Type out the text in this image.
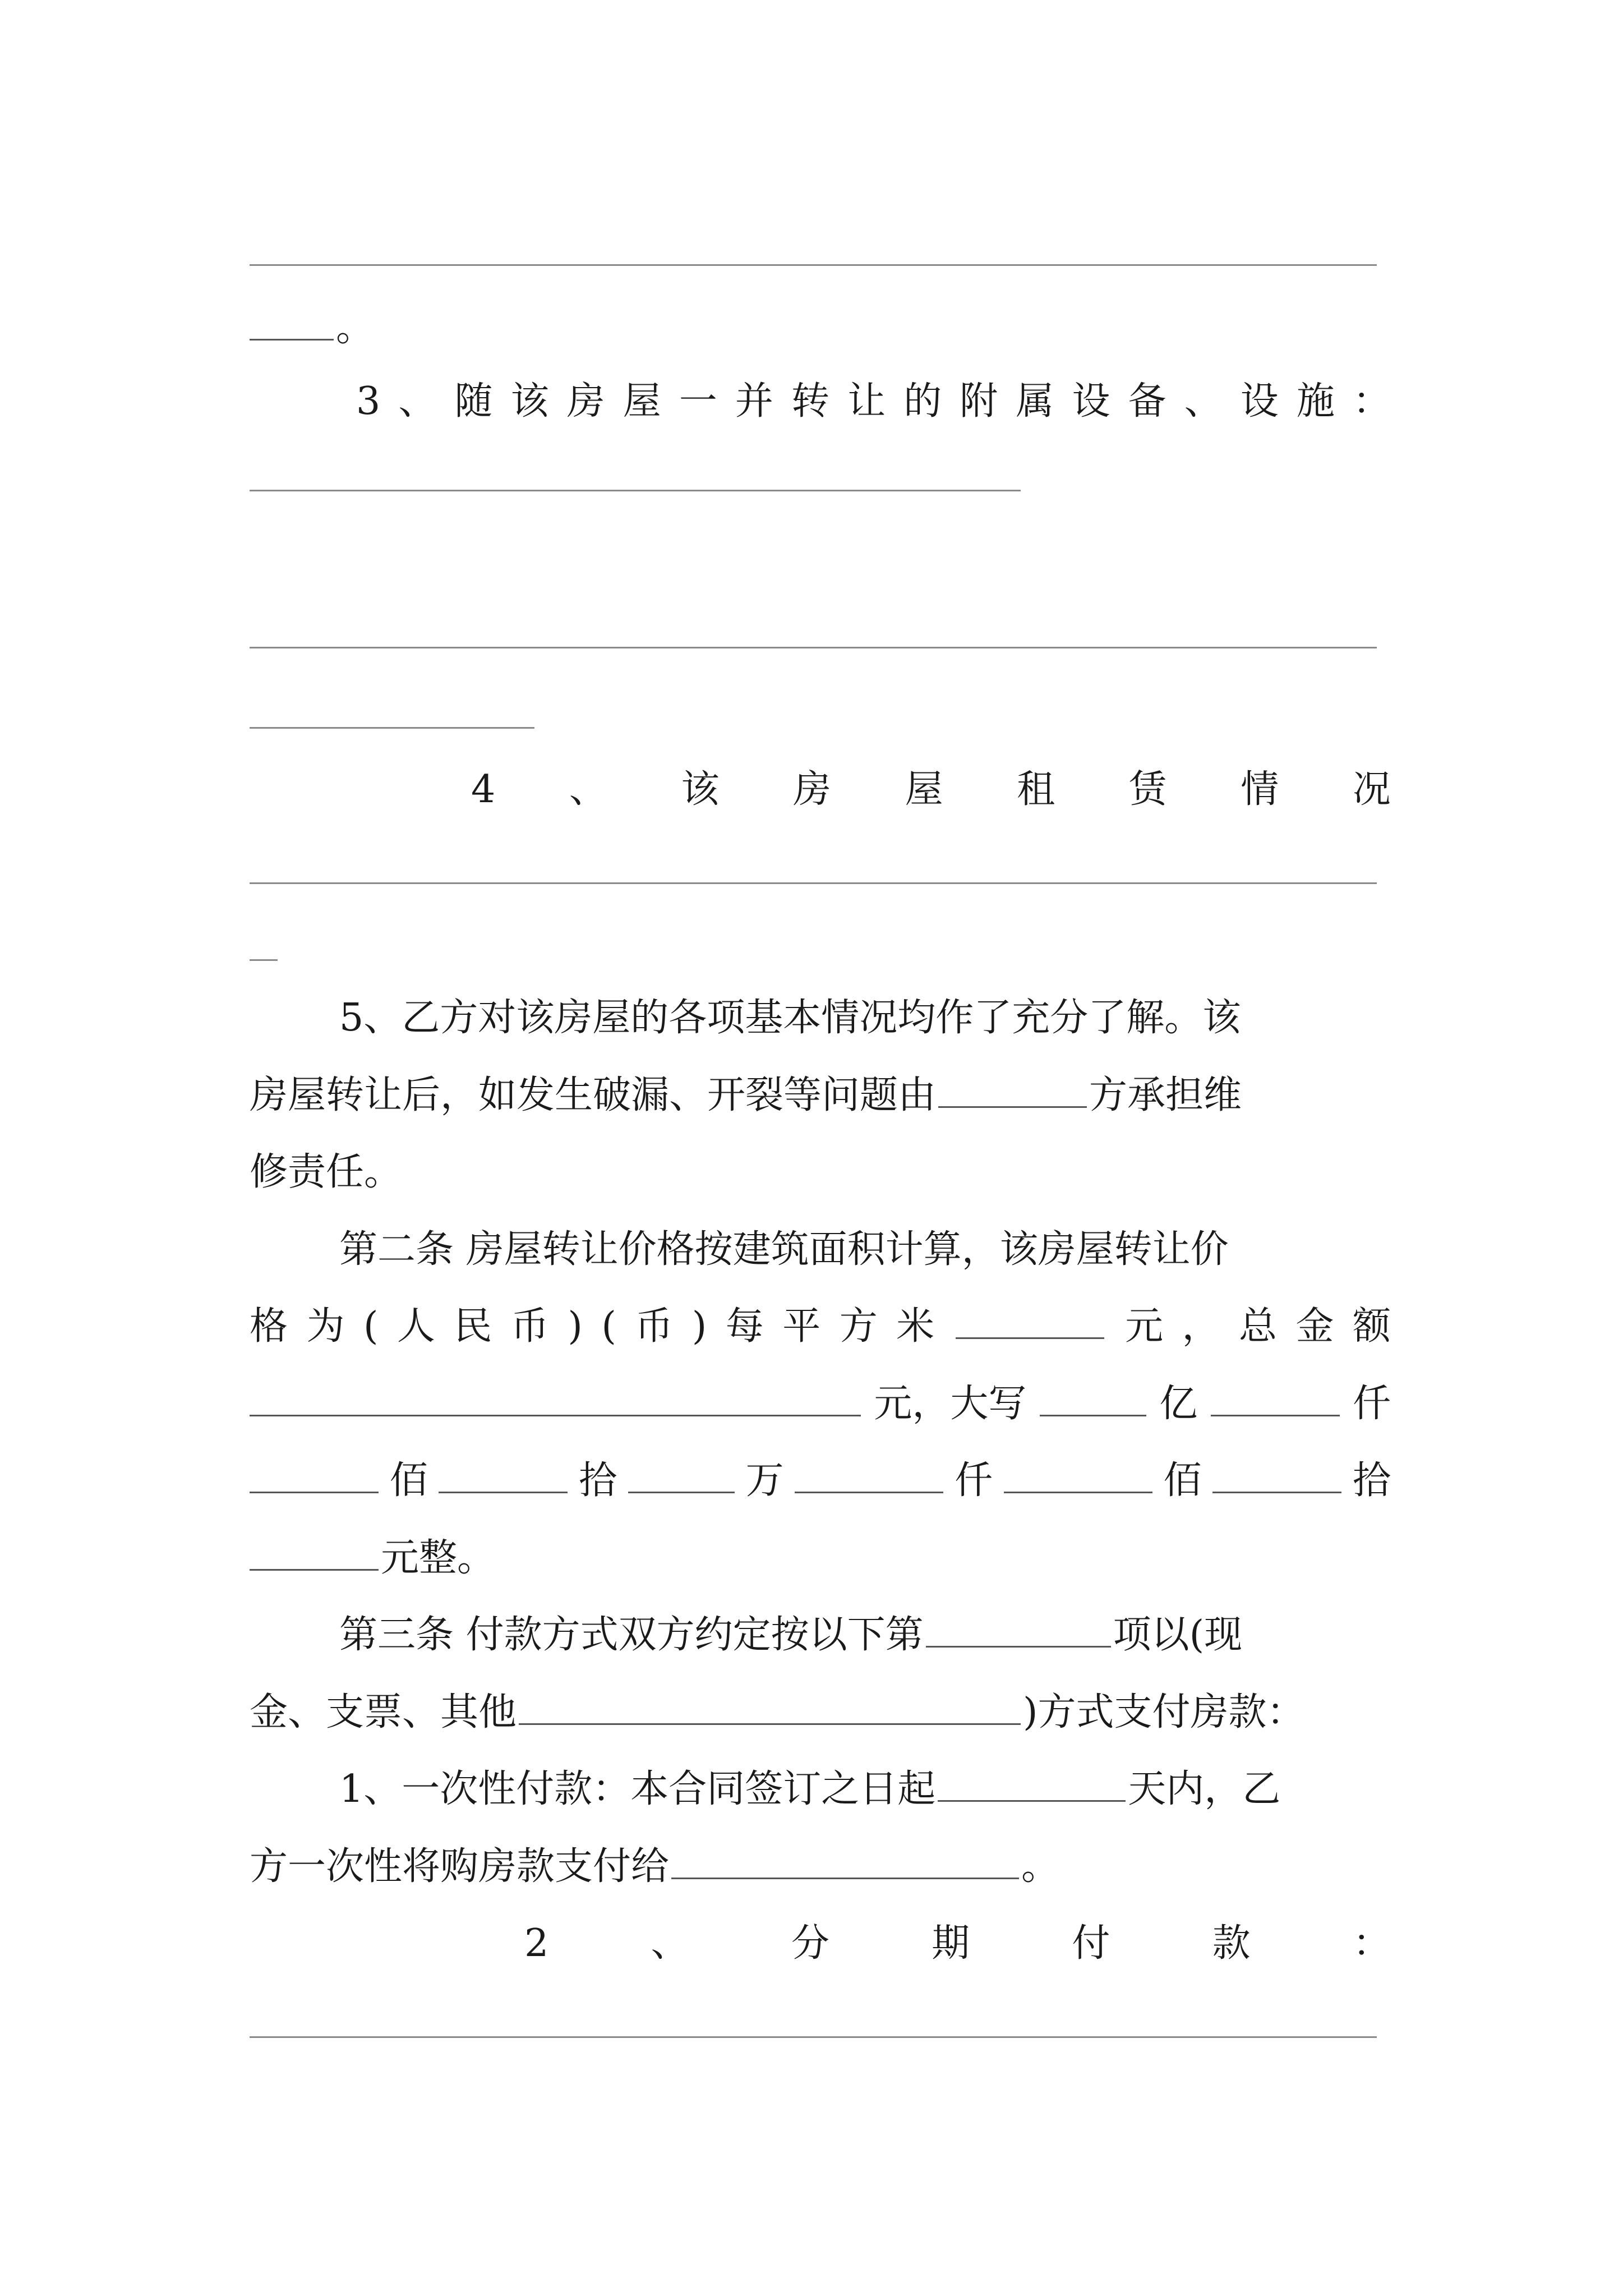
。
3 、 随 该 房 屋 一 并 转 让 的 附 属 设 备 、 设 施 ：
4 、 该 房 屋 租 赁 情 况
5、乙方对该房屋的各项基本情况均作了充分了解。该
房屋转让后，如发生破漏、开裂等问题由	方承担维
修责任。
第二条 房屋转让价格按建筑面积计算，该房屋转让价
格 为 ( 人 民 币 ) ( 币 ) 每 平 方 米	元 ， 总 金 额
元，大写	亿	仟
佰	拾	万	仟	佰	拾
元整。
第三条 付款方式双方约定按以下第	项以(现
金、支票、其他	)方式支付房款：
1、一次性付款：本合同签订之日起	天内，乙
方一次性将购房款支付给	。
2	、	分	期	付	款	：
